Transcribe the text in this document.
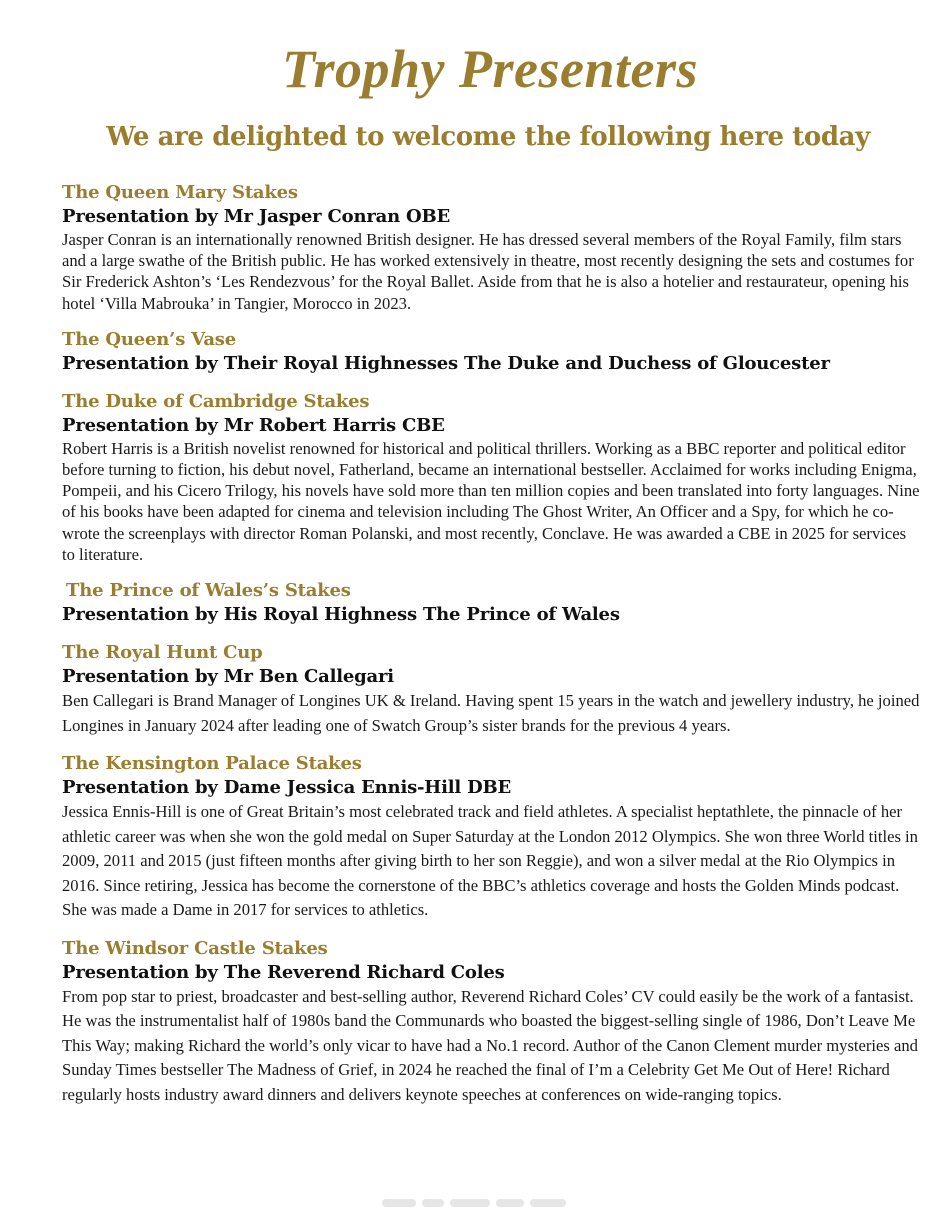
Trophy Presenters
We are delighted to welcome the following here today
The Queen Mary Stakes
Presentation by Mr Jasper Conran OBE

Jasper Conran is an internationally renowned British designer. He has dressed several members of the Royal Family, film stars and a large swathe of the British public. He has worked extensively in theatre, most recently designing the sets and costumes for Sir Frederick Ashton’s ‘Les Rendezvous’ for the Royal Ballet. Aside from that he is also a hotelier and restaurateur, opening his hotel ‘Villa Mabrouka’ in Tangier, Morocco in 2023.

The Queen’s Vase
Presentation by Their Royal Highnesses The Duke and Duchess of Gloucester
The Duke of Cambridge Stakes
Presentation by Mr Robert Harris CBE

Robert Harris is a British novelist renowned for historical and political thrillers. Working as a BBC reporter and political editor before turning to fiction, his debut novel, Fatherland, became an international bestseller. Acclaimed for works including Enigma, Pompeii, and his Cicero Trilogy, his novels have sold more than ten million copies and been translated into forty languages. Nine of his books have been adapted for cinema and television including The Ghost Writer, An Officer and a Spy, for which he co-wrote the screenplays with director Roman Polanski, and most recently, Conclave. He was awarded a CBE in 2025 for services to literature.

The Prince of Wales’s Stakes
Presentation by His Royal Highness The Prince of Wales
The Royal Hunt Cup
Presentation by Mr Ben Callegari

Ben Callegari is Brand Manager of Longines UK & Ireland. Having spent 15 years in the watch and jewellery industry, he joined Longines in January 2024 after leading one of Swatch Group’s sister brands for the previous 4 years.

The Kensington Palace Stakes
Presentation by Dame Jessica Ennis-Hill DBE

Jessica Ennis-Hill is one of Great Britain’s most celebrated track and field athletes. A specialist heptathlete, the pinnacle of her athletic career was when she won the gold medal on Super Saturday at the London 2012 Olympics. She won three World titles in 2009, 2011 and 2015 (just fifteen months after giving birth to her son Reggie), and won a silver medal at the Rio Olympics in 2016. Since retiring, Jessica has become the cornerstone of the BBC’s athletics coverage and hosts the Golden Minds podcast. She was made a Dame in 2017 for services to athletics.

The Windsor Castle Stakes
Presentation by The Reverend Richard Coles

From pop star to priest, broadcaster and best-selling author, Reverend Richard Coles’ CV could easily be the work of a fantasist. He was the instrumentalist half of 1980s band the Communards who boasted the biggest-selling single of 1986, Don’t Leave Me This Way; making Richard the world’s only vicar to have had a No.1 record. Author of the Canon Clement murder mysteries and Sunday Times bestseller The Madness of Grief, in 2024 he reached the final of I’m a Celebrity Get Me Out of Here! Richard regularly hosts industry award dinners and delivers keynote speeches at conferences on wide-ranging topics.
